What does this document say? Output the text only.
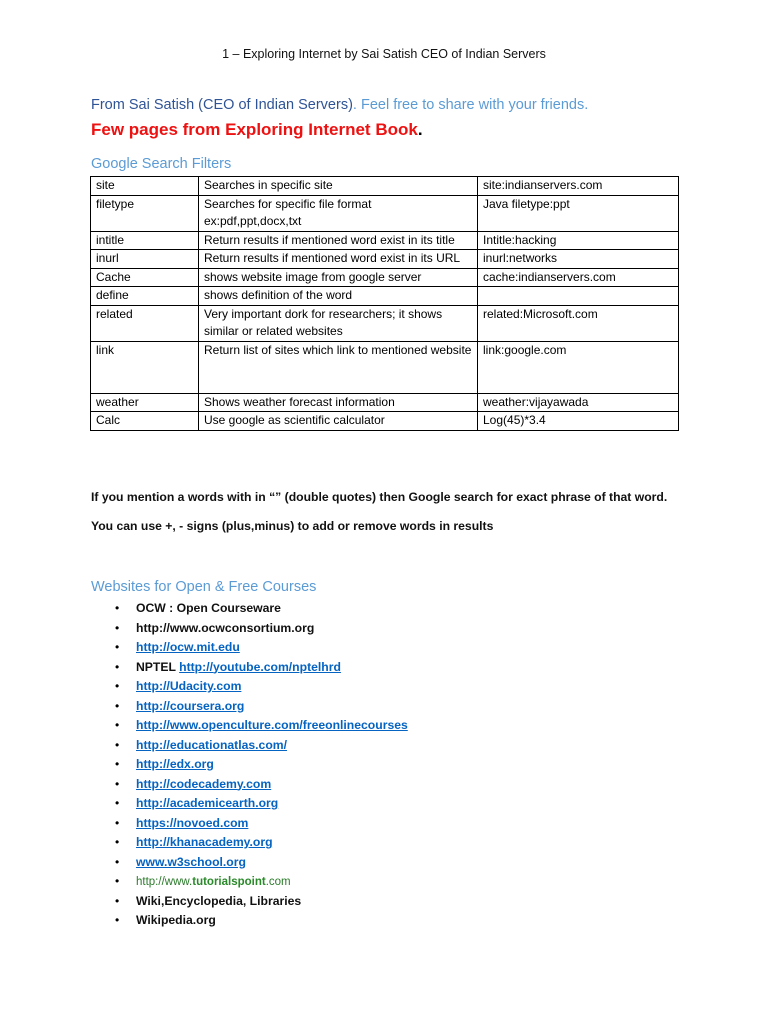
1 – Exploring Internet by Sai Satish CEO of Indian Servers
From Sai Satish (CEO of Indian Servers). Feel free to share with your friends.
Few pages from Exploring Internet Book.
Google Search Filters
site	Searches in specific site	site:indianservers.com
filetype	Searches for specific file format ex:pdf,ppt,docx,txt	Java filetype:ppt
intitle	Return results if mentioned word exist in its title	Intitle:hacking
inurl	Return results if mentioned word exist in its URL	inurl:networks
Cache	shows website image from google server	cache:indianservers.com
define	shows definition of the word	
related	Very important dork for researchers; it shows similar or related websites	related:Microsoft.com
link	Return list of sites which link to mentioned website	link:google.com
weather	Shows weather forecast information	weather:vijayawada
Calc	Use google as scientific calculator	Log(45)*3.4
If you mention a words with in “” (double quotes) then Google search for exact phrase of that word.
You can use +, - signs (plus,minus) to add or remove words in results
Websites for Open & Free Courses
• OCW : Open Courseware
• http://www.ocwconsortium.org
• http://ocw.mit.edu
• NPTEL http://youtube.com/nptelhrd
• http://Udacity.com
• http://coursera.org
• http://www.openculture.com/freeonlinecourses
• http://educationatlas.com/
• http://edx.org
• http://codecademy.com
• http://academicearth.org
• https://novoed.com
• http://khanacademy.org
• www.w3school.org
• http://www.tutorialspoint.com
• Wiki,Encyclopedia, Libraries
• Wikipedia.org
